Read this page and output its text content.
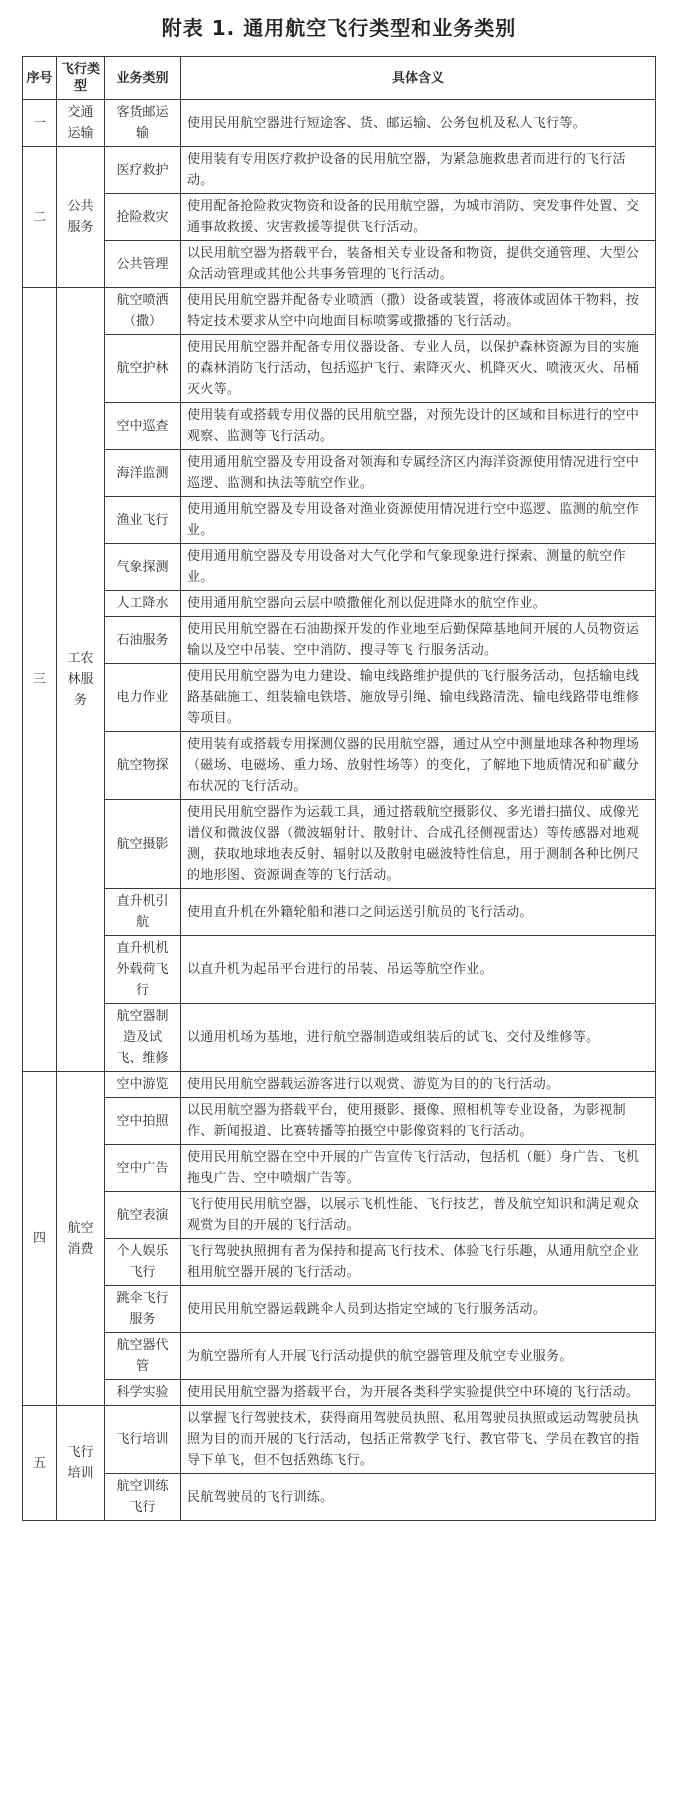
附表 1. 通用航空飞行类型和业务类别
序号	飞行类型	业务类别	具体含义
一	交通运输	客货邮运输	使用民用航空器进行短途客、货、邮运输、公务包机及私人飞行等。
二	公共服务	医疗救护	使用装有专用医疗救护设备的民用航空器，为紧急施救患者而进行的飞行活动。
		抢险救灾	使用配备抢险救灾物资和设备的民用航空器，为城市消防、突发事件处置、交通事故救援、灾害救援等提供飞行活动。
		公共管理	以民用航空器为搭载平台，装备相关专业设备和物资，提供交通管理、大型公众活动管理或其他公共事务管理的飞行活动。
三	工农林服务	航空喷洒（撒）	使用民用航空器并配备专业喷洒（撒）设备或装置，将液体或固体干物料，按特定技术要求从空中向地面目标喷雾或撒播的飞行活动。
		航空护林	使用民用航空器并配备专用仪器设备、专业人员，以保护森林资源为目的实施的森林消防飞行活动，包括巡护飞行、索降灭火、机降灭火、喷液灭火、吊桶灭火等。
		空中巡查	使用装有或搭载专用仪器的民用航空器，对预先设计的区域和目标进行的空中观察、监测等飞行活动。
		海洋监测	使用通用航空器及专用设备对领海和专属经济区内海洋资源使用情况进行空中巡逻、监测和执法等航空作业。
		渔业飞行	使用通用航空器及专用设备对渔业资源使用情况进行空中巡逻、监测的航空作业。
		气象探测	使用通用航空器及专用设备对大气化学和气象现象进行探索、测量的航空作业。
		人工降水	使用通用航空器向云层中喷撒催化剂以促进降水的航空作业。
		石油服务	使用民用航空器在石油勘探开发的作业地至后勤保障基地间开展的人员物资运输以及空中吊装、空中消防、搜寻等飞 行服务活动。
		电力作业	使用民用航空器为电力建设、输电线路维护提供的飞行服务活动，包括输电线路基础施工、组装输电铁塔、施放导引绳、输电线路清洗、输电线路带电维修等项目。
		航空物探	使用装有或搭载专用探测仪器的民用航空器，通过从空中测量地球各种物理场（磁场、电磁场、重力场、放射性场等）的变化，了解地下地质情况和矿藏分布状况的飞行活动。
		航空摄影	使用民用航空器作为运载工具，通过搭载航空摄影仪、多光谱扫描仪、成像光谱仪和微波仪器（微波辐射计、散射计、合成孔径侧视雷达）等传感器对地观测，获取地球地表反射、辐射以及散射电磁波特性信息，用于测制各种比例尺的地形图、资源调查等的飞行活动。
		直升机引航	使用直升机在外籍轮船和港口之间运送引航员的飞行活动。
		直升机机外载荷飞行	以直升机为起吊平台进行的吊装、吊运等航空作业。
		航空器制造及试飞、维修	以通用机场为基地，进行航空器制造或组装后的试飞、交付及维修等。
四	航空消费	空中游览	使用民用航空器载运游客进行以观赏、游览为目的的飞行活动。
		空中拍照	以民用航空器为搭载平台，使用摄影、摄像、照相机等专业设备，为影视制作、新闻报道、比赛转播等拍摄空中影像资料的飞行活动。
		空中广告	使用民用航空器在空中开展的广告宣传飞行活动，包括机（艇）身广告、飞机拖曳广告、空中喷烟广告等。
		航空表演	飞行使用民用航空器，以展示飞机性能、飞行技艺，普及航空知识和满足观众观赏为目的开展的飞行活动。
		个人娱乐飞行	飞行驾驶执照拥有者为保持和提高飞行技术、体验飞行乐趣，从通用航空企业租用航空器开展的飞行活动。
		跳伞飞行服务	使用民用航空器运载跳伞人员到达指定空域的飞行服务活动。
		航空器代管	为航空器所有人开展飞行活动提供的航空器管理及航空专业服务。
		科学实验	使用民用航空器为搭载平台，为开展各类科学实验提供空中环境的飞行活动。
五	飞行培训	飞行培训	以掌握飞行驾驶技术，获得商用驾驶员执照、私用驾驶员执照或运动驾驶员执照为目的而开展的飞行活动，包括正常教学飞行、教官带飞、学员在教官的指导下单飞，但不包括熟练飞行。
		航空训练飞行	民航驾驶员的飞行训练。
